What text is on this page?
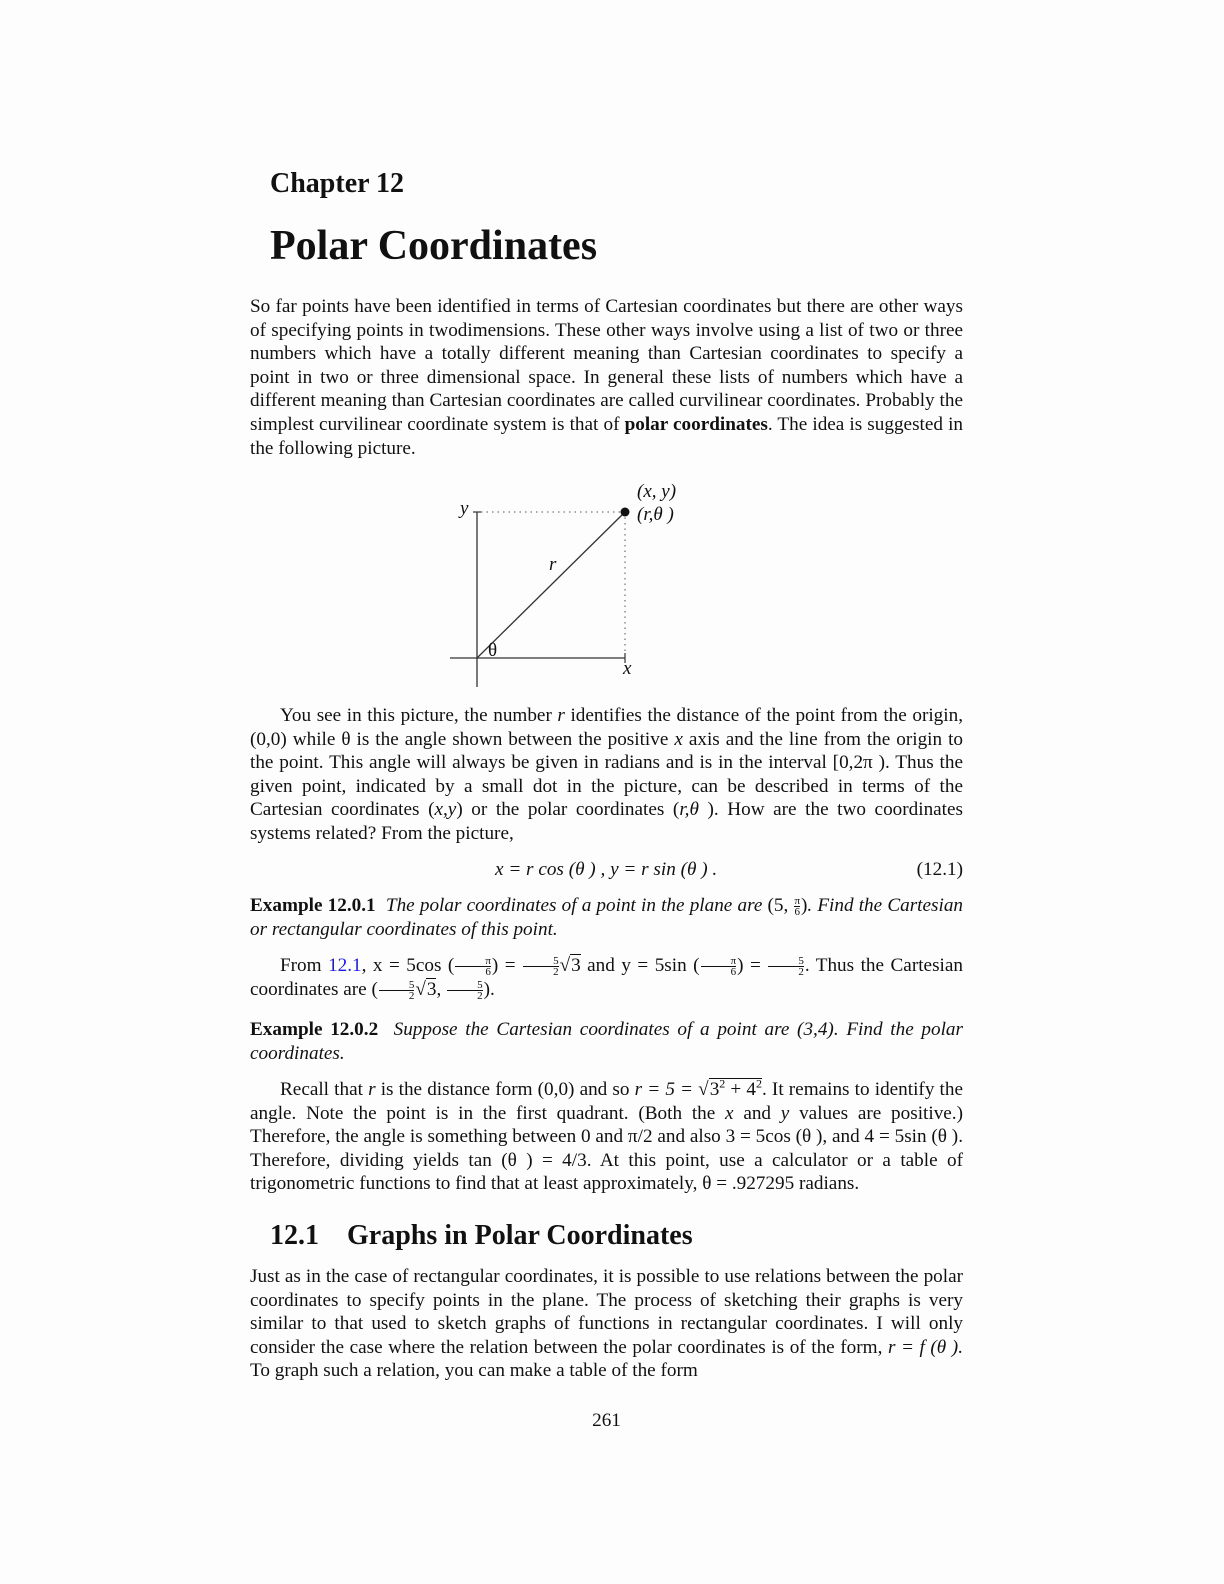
Chapter 12
Polar Coordinates

So far points have been identified in terms of Cartesian coordinates but there are other ways of specifying points in twodimensions. These other ways involve using a list of two or three numbers which have a totally different meaning than Cartesian coordinates to specify a point in two or three dimensional space. In general these lists of numbers which have a different meaning than Cartesian coordinates are called curvilinear coordinates. Probably the simplest curvilinear coordinate system is that of polar coordinates. The idea is suggested in the following picture.

You see in this picture, the number r identifies the distance of the point from the origin, (0,0) while θ is the angle shown between the positive x axis and the line from the origin to the point. This angle will always be given in radians and is in the interval [0,2π ). Thus the given point, indicated by a small dot in the picture, can be described in terms of the Cartesian coordinates (x,y) or the polar coordinates (r,θ ). How are the two coordinates systems related? From the picture,

x = r cos (θ ) , y = r sin (θ ) .	(12.1)

Example 12.0.1 The polar coordinates of a point in the plane are (5, $\frac{\pi}{6}$ ). Find the Cartesian or rectangular coordinates of this point.

From 12.1, x = 5cos ( $\frac{\pi}{6}$ ) = $\frac{5}{2} √3$ and y = 5sin ( $\frac{\pi}{6}$ ) = $\frac{5}{2}$ . Thus the Cartesian coordinates are ( $\frac{5}{2} √3$, $\frac{5}{2}$ ).

Example 12.0.2 Suppose the Cartesian coordinates of a point are (3,4). Find the polar coordinates.

Recall that r is the distance form (0,0) and so $r = 5 = √3^2 + 4^2$. It remains to identify the angle. Note the point is in the first quadrant. (Both the x and y values are positive.) Therefore, the angle is something between 0 and π/2 and also 3 = 5cos (θ ), and 4 = 5sin (θ ). Therefore, dividing yields tan (θ ) = 4/3. At this point, use a calculator or a table of trigonometric functions to find that at least approximately, θ = .927295 radians.

12.1 Graphs in Polar Coordinates

Just as in the case of rectangular coordinates, it is possible to use relations between the polar coordinates to specify points in the plane. The process of sketching their graphs is very similar to that used to sketch graphs of functions in rectangular coordinates. I will only consider the case where the relation between the polar coordinates is of the form, r = f (θ ). To graph such a relation, you can make a table of the form

261
y
x
r
θ
(x, y)
(r,θ )
